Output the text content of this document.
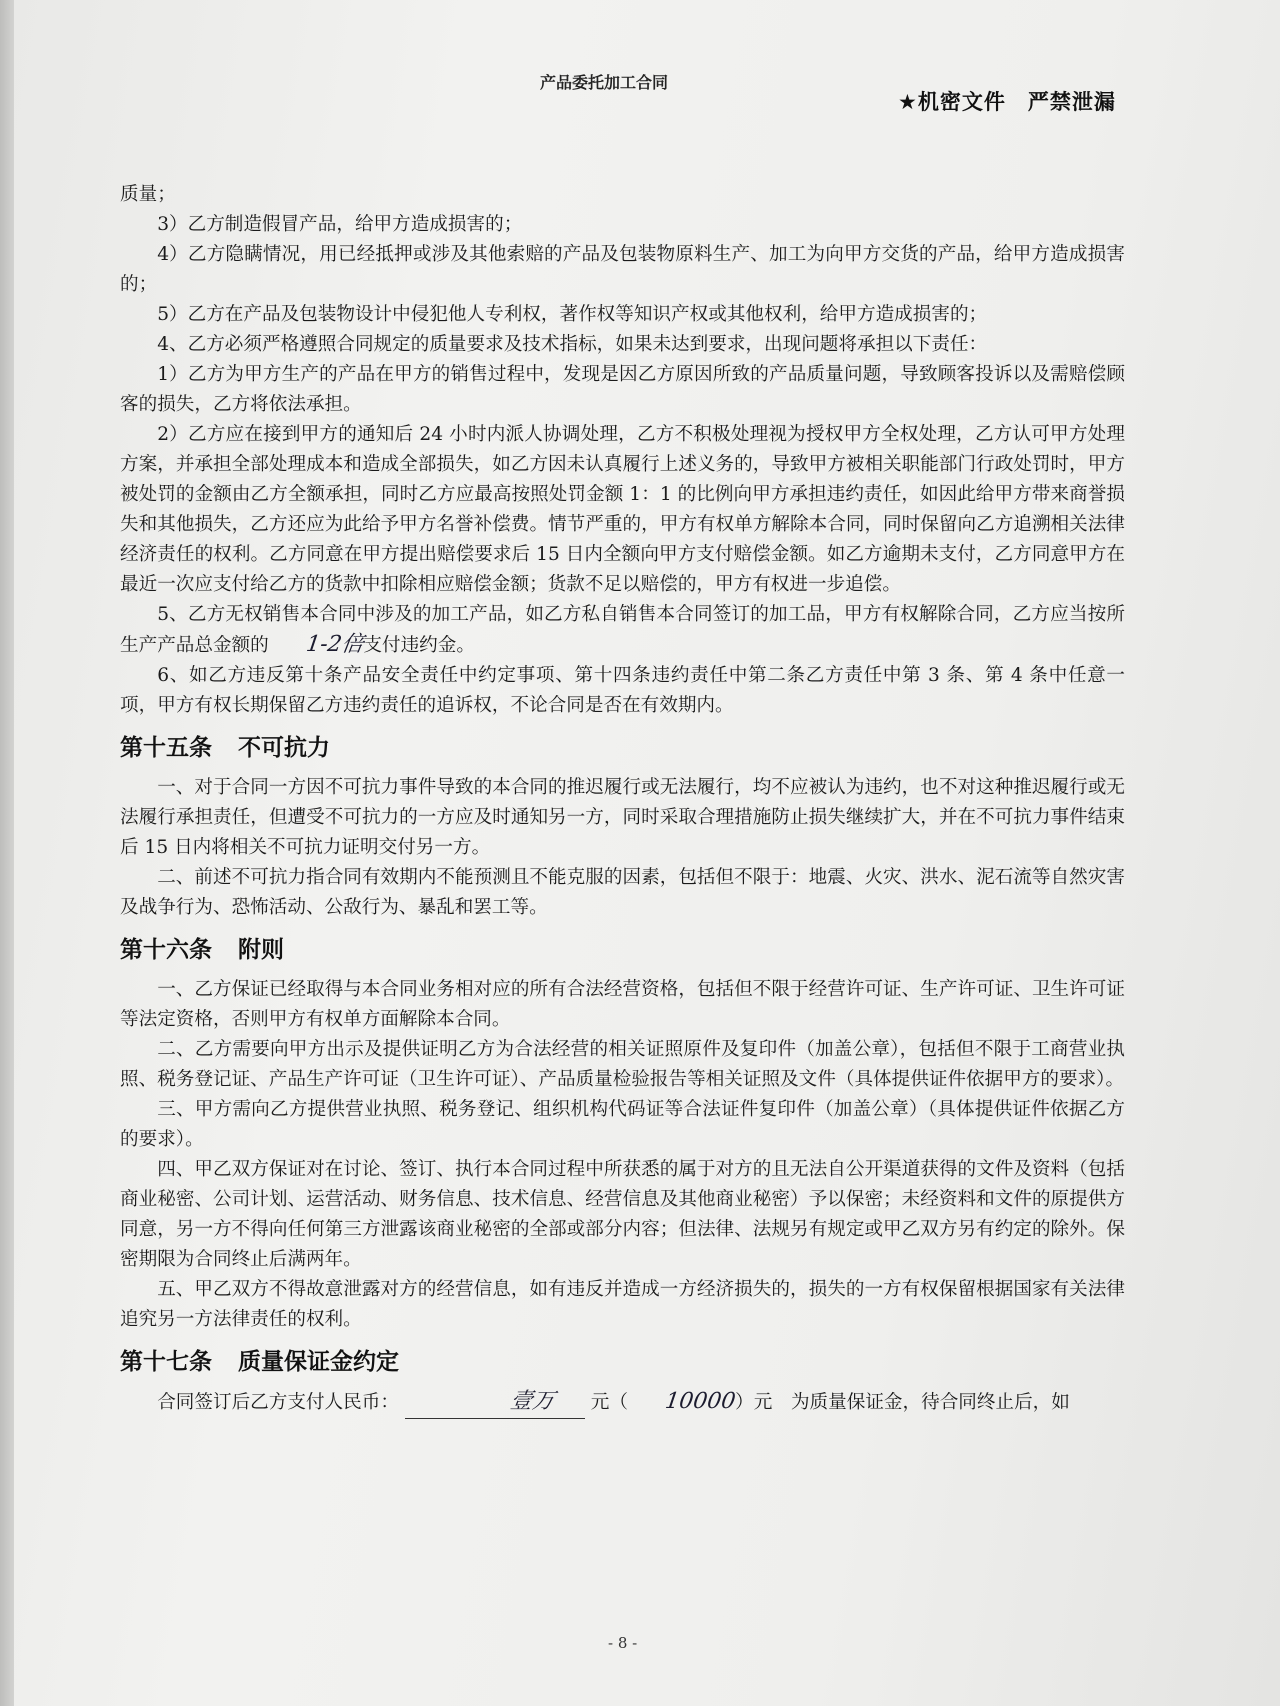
产品委托加工合同
★机密文件　严禁泄漏

质量；

3）乙方制造假冒产品，给甲方造成损害的；

4）乙方隐瞒情况，用已经抵押或涉及其他索赔的产品及包装物原料生产、加工为向甲方交货的产品，给甲方造成损害的；

5）乙方在产品及包装物设计中侵犯他人专利权，著作权等知识产权或其他权利，给甲方造成损害的；

4、乙方必须严格遵照合同规定的质量要求及技术指标，如果未达到要求，出现问题将承担以下责任：

1）乙方为甲方生产的产品在甲方的销售过程中，发现是因乙方原因所致的产品质量问题，导致顾客投诉以及需赔偿顾客的损失，乙方将依法承担。

2）乙方应在接到甲方的通知后 24 小时内派人协调处理，乙方不积极处理视为授权甲方全权处理，乙方认可甲方处理方案，并承担全部处理成本和造成全部损失，如乙方因未认真履行上述义务的，导致甲方被相关职能部门行政处罚时，甲方被处罚的金额由乙方全额承担，同时乙方应最高按照处罚金额 1：1 的比例向甲方承担违约责任，如因此给甲方带来商誉损失和其他损失，乙方还应为此给予甲方名誉补偿费。情节严重的，甲方有权单方解除本合同，同时保留向乙方追溯相关法律经济责任的权利。乙方同意在甲方提出赔偿要求后 15 日内全额向甲方支付赔偿金额。如乙方逾期未支付，乙方同意甲方在最近一次应支付给乙方的货款中扣除相应赔偿金额；货款不足以赔偿的，甲方有权进一步追偿。

5、乙方无权销售本合同中涉及的加工产品，如乙方私自销售本合同签订的加工品，甲方有权解除合同，乙方应当按所生产产品总金额的 1-2倍支付违约金。

6、如乙方违反第十条产品安全责任中约定事项、第十四条违约责任中第二条乙方责任中第 3 条、第 4 条中任意一项，甲方有权长期保留乙方违约责任的追诉权，不论合同是否在有效期内。

第十五条 不可抗力

一、对于合同一方因不可抗力事件导致的本合同的推迟履行或无法履行，均不应被认为违约，也不对这种推迟履行或无法履行承担责任，但遭受不可抗力的一方应及时通知另一方，同时采取合理措施防止损失继续扩大，并在不可抗力事件结束后 15 日内将相关不可抗力证明交付另一方。

二、前述不可抗力指合同有效期内不能预测且不能克服的因素，包括但不限于：地震、火灾、洪水、泥石流等自然灾害及战争行为、恐怖活动、公敌行为、暴乱和罢工等。

第十六条 附则

一、乙方保证已经取得与本合同业务相对应的所有合法经营资格，包括但不限于经营许可证、生产许可证、卫生许可证等法定资格，否则甲方有权单方面解除本合同。

二、乙方需要向甲方出示及提供证明乙方为合法经营的相关证照原件及复印件（加盖公章），包括但不限于工商营业执照、税务登记证、产品生产许可证（卫生许可证）、产品质量检验报告等相关证照及文件（具体提供证件依据甲方的要求）。

三、甲方需向乙方提供营业执照、税务登记、组织机构代码证等合法证件复印件（加盖公章）（具体提供证件依据乙方的要求）。

四、甲乙双方保证对在讨论、签订、执行本合同过程中所获悉的属于对方的且无法自公开渠道获得的文件及资料（包括商业秘密、公司计划、运营活动、财务信息、技术信息、经营信息及其他商业秘密）予以保密；未经资料和文件的原提供方同意，另一方不得向任何第三方泄露该商业秘密的全部或部分内容；但法律、法规另有规定或甲乙双方另有约定的除外。保密期限为合同终止后满两年。

五、甲乙双方不得故意泄露对方的经营信息，如有违反并造成一方经济损失的，损失的一方有权保留根据国家有关法律追究另一方法律责任的权利。

第十七条 质量保证金约定

合同签订后乙方支付人民币：	壹万 元（ 10000）元　为质量保证金，待合同终止后，如

- 8 -
